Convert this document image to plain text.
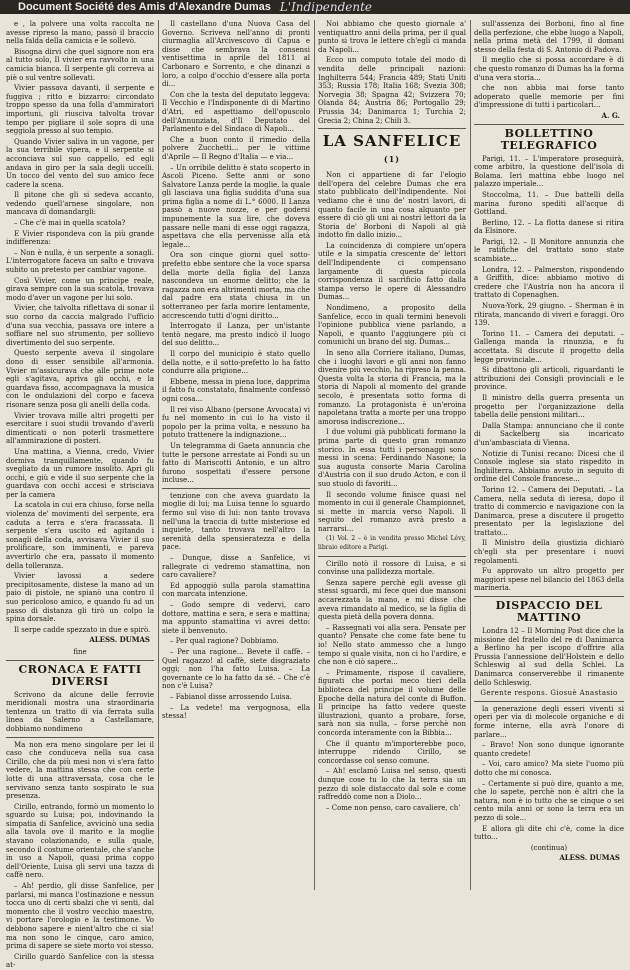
Document Société des Amis d'Alexandre Dumas L'Indipendente

e , la polvere una volta raccolta ne avesse ripreso la mano, passò il braccio nella falda della camicia e le sollevò.

Bisogna dirvi che quel signore non era al tutto solo, Il vivier era ravvolto in una camicia bianca. Il serpente gli correva ai piè o sul ventre sollevati.

Vivier passava davanti, il serpente e fuggiva ; ritto e bizzarro: circondato troppo spesso da una folla d'ammiratori importuni, gli riusciva talvolta trovar tempo per pigliare il sole sopra di una seggiola presso al suo tempio.

Quando Vivier saliva in un vagone, per la sua terribile vipera, e il serpente si acconciava sul suo cappello, ed egli andava in giro per la sala degli uccelli. Un tocco del vento del suo amico fece cadere la scena.

Il pitone che gli si sedeva accanto, vedendo quell'arnese singolare, non mancava di domandargli:

– Che c'è mai in quella scatola?

E Vivier rispondeva con la più grande indifferenza:

– Non è nulla, è un serpente a sonagli. L'interrogatore faceva un salto e trovava subito un pretesto per cambiar vagone.

Così Vivier, come un principe reale, girava sempre con la sua scatola, trovava modo d'aver un vagone per lui solo.

Vivier, che talvolta riflettava di sonar il suo corno da caccia malgrado l'ufficio d'una sua vecchia, passava ore intere a soffiare nel suo strumento, per sollievo divertimento del suo serpente.

Questo serpente aveva il singolare dono di esser sensibile all'armonia. Vivier m'assicurava che alle prime note egli s'agitava, apriva gli occhi, e la guardava fisso, accompagnava la musica con le ondulazioni del corpo e faceva risonare senza posa gli anelli della coda.

Vivier trovava mille altri progetti per esercitare i suoi studii trovando d'averli dimenticati o non poterli trasmettere all'ammirazione di posteri.

Una mattina, a Vienna, credo, Vivier dormiva tranquillamente, quando fu svegliato da un rumore insolito. Apri gli occhi, e giù e vide il suo serpente che la guardava con occhi accesi e strisciava per la camera

La scatola in cui era chiuso, forse nella violenza de' movimenti del serpente, era caduta a terra e s'era fracassata. Il serpente s'era uscito ed agitando i sonagli della coda, avvisava Vivier il suo prolificare, son imminenti, e pareva avvertirlo che era, passato il momento della tolleranza.

Vivier lavossi a sedere precipitosamente, distese la mano ad un paio di pistole, ne spianò una contro il suo pericoloso amico, e quando fu ad un passo di distanza gli tirò un colpo la spina dorsale.

Il serpe cadde spezzato in due e spirò.

ALESS. DUMAS
fine
CRONACA E FATTI DIVERSI

Scrivono da alcune delle ferrovie meridionali mostra una straordinaria tentenza un tratto di via ferrata sulla linea da Salerno a Castellamare, dobbiamo nondimeno

Ma non era meno singolare per lei il caso che conduceva nella sua casa Cirillo, che da più mesi non vi s'era fatto vedere, la mattina stessa che con certe lotte di una attraversata, cosa che le servivano senza tanto sospirato le sua presenza.

Cirillo, entrando, formò un momento lo sguardo su Luisa; poi, indovinando la simpatia di Sanfelice, avvicinò una sedia alla tavola ove il marito e la moglie stavano colazionando, e sulla quale, secondo il costume orientale, che s'anche in uso a Napoli, quasi prima coppo dell'Oriente, Luisa gli servi una tazza di caffè nero.

– Ah! perdio, gli disse Sanfelice, per parlarsi, mi manca l'ostinazione e nessun tocca uno di certi sbalzi che vi senti, dal momento che il vostro vecchio maestro, vi portare l'orologio e la testimone. Vo debbono sapere e nient'altro che ci sia! ma non sono le cinque, caro amico, prima di sapere se siete morto voi stesso.

Cirillo guardò Sanfelice con la stessa at-

Il castellano d'una Nuova Casa del Governo. Scriveva nell'anno di pronti ciurmaglia all'Arcivescovo di Capua e disse che sembrava la consensi ventisettima in aprile del 1811 al Carbonaro e Sorrento, e che dinanzi a loro, a colpo d'occhio d'essere alla porta di...

Con che la testa del deputato leggeva: Il Vecchio e l'Indisponente di di Martino d'Atri, ed aspettiamo dell'opuscolo dell'Annunziata, d'Il Deputato del Parlamento e del Sindaco di Napoli...

Che a buon conto il rimedio della polvere Zucchetti... per le vittime d'Aprile — Il Regno d'Italia — e via...

– Un orribile delitto è stato scoperto in Ascoli Piceno. Sette anni or sono Salvatore Lanza perde la moglie, la quale gli lasciava una figlia suddita d'una sua prima figlia a nome di L.° 6000. Il Lanza passò a nuove nozze, e per godersi impunemente la sua lire, che doveva passare nelle mani di esse oggi ragazza, aspettava che ella pervenisse alla età legale...

Ora son cinque giorni quel sotto-prefetto ebbe sentore che la voce sparsa della morte della figlia del Lanza nascondeva un enorme delitto; che la ragazza non era altrimenti morta, ma che dal padre era stata chiusa in un sotterraneo per farla morire lentamente, accrescendo tutti d'ogni diritto...

Interrogato il Lanza, per un'istante tentò negare, ma presto indicò il luogo del suo delitto...

Il corpo del municipio è stato quello della notte, e il sotto-prefetto lo ha fatto condurre alla prigione...

Ebbene, messa in piena luce, dapprima il fatto fu constatato, finalmente confessò ogni cosa...

Il rei viso Albano (persone Avvocata) vi fu nel momento in cui lo ha visto il popolo per la prima volta, e nessuno ha potuto trattenere la indignazione...

Un telegramma di Gaeta annuncia che tutte le persone arrestate ai Fondi su un fatto di Mariscotti Antonio, e un altro furono sospettati d'essere persone incluse...

tenzione con che aveva guardato la moglie di lui; ma Luisa tenne lo sguardo fermo sul viso di lui: non tanto trovava nell'una la traccia di tutte misteriose ed inquiete, tanto trovava nell'altro la serenità della spensieratezza e della pace.

– Dunque, disse a Sanfelice, vi rallegrate ci vedremo stamattina, non caro cavaliere?

Ed appoggiò sulla parola stamattina con marcata intenzione.

– Godo sempre di vedervi, caro dottore, mattina e sera, e sera e mattina; ma appunto stamattina vi avrei detto: siete il benvenuto.

– Per qual ragione? Dobbiamo.

– Per una ragione... Bevete il caffè. – Quel ragazzo! al caffè, siete disgraziato oggi; non l'ha fatto Luisa. – La governante ce lo ha fatto da sé. – Che c'è non c'è Luisa?

– Fabianol disse arrossendo Luisa.

– La vedete! ma vergognosa, ella stessa!

Noi abbiamo che questo giornale a' ventiquattro anni della prima, per il qual punto si trova le lettere ch'egli ci manda da Napoli...

Ecco un computo totale del modo di vendita delle principali nazioni: Inghilterra 544; Francia 489; Stati Uniti 353; Russia 178; Italia 168; Svezia 308; Norvegia 38; Spagna 42; Svizzera 70; Olanda 84; Austria 86; Portogallo 29; Prussia 34; Danimarca 1; Turchia 2; Grecia 2; China 2; Chili 3.

LA SANFELICE (1)

Non ci appartiene di far l'elogio dell'opera del celebre Dumas che era stato pubblicato dell'Indipendente. Noi vediamo che è uno de' nostri lavori, di quanto facile in una cosa alquanto per essere di ciò gli uni ai nostri lettori da la Storia de' Borboni di Napoli al già indotto fin dallo inizio...

La coincidenza di compiere un'opera utile e la simpatia crescente de' lettori dell'Indipendente ci compensano largamente di questa piccola corrispondenza il sacrificio fatto dalla stampa verso le opere di Alessandro Dumas...

Nondimeno, a proposito della Sanfelice, ecco in quali termini benevoli l'opinione pubblica viene parlando, a Napoli, e quanto l'aggiungere più ci comunichi un brano del sig. Dumas...

In seno alla Corriere italiano, Dumas, che i luoghi lavori e gli anni non fanno divenire più vecchio, ha ripreso la penna. Questa volta la storia di Francia, ma la storia di Napoli al momento del grande secolo, è presentata sotto forma di romanzo. La protagonista è un'eroina napoletana tratta a morte per una troppo amorosa indiscrezione...

I due volumi già pubblicati formano la prima parte di questo gran romanzo storico. In essa tutti i personaggi sono messi in scena: Ferdinando Nasone; la sua augusta consorte Maria Carolina d'Austria con il suo drudo Acton, e con il suo stuolo di favoriti...

Il secondo volume finisce quasi nel momento in cui il generale Championnet, si mette in marcia verso Napoli. Il seguito del romanzo avrà presto a narrarsi...

(1) Vol. 2 – è in vendita presso Michel Lévy, libraio editore a Parigi.

Cirillo notò il rossore di Luisa, e si convinse una pallidezza mortale.

Senza sapere perchè egli avesse gli stessi sguardi, mi fece quei due mansoni accarezzata la mano, e mi disse che aveva rimandato al medico, se la figlia di questa pietà della povera donna.

– Rassegnati voi alla sera. Pensate per quanto? Pensate che come fate bene tu io! Nello stato ammesso che a lungo tempo si quale visita, non ci ho l'ardire, e che non è ciò sapere...

– Primamente, rispose il cavaliere, figurati che portai meco tieri della biblioteca del principe il volume delle Epoche della natura del conte di Buffon. Il principe ha fatto vedere queste illustrazioni, quanto a probare, forse, sarà non sia nulla, – forse perchè non concorda interamente con la Bibbia...

Che il quanto m'importerebbe poco, interruppe ridendo Cirillo, se concordasse col senso comune.

– Ah! esclamò Luisa nel senso, questi dunque cose tu lo che la terra sia un pezzo di sole distaccato dal sole e come raffreddò come non a Diolo...

– Come non penso, caro cavaliere, ch'

sull'assenza dei Borboni, fino al fine della perfezione, che ebbe luogo a Napoli, nella prima metà del 1799, il domani stesso della festa di S. Antonio di Padova.

Il meglio che si possa accordare è di che questo romanzo di Dumas ha la forma d'una vera storia...

che non abbia mai forse tanto adoperato quelle memorie per fini d'impressione di tutti i particolari...

A. G.
BOLLETTINO TELEGRAFICO

Parigi, 11. – L'imperatore proseguirà, come arbitro, la questione dell'isola di Bolama. Ieri mattina ebbe luogo nel palazzo imperiale...

Stoccolma, 11. – Due battelli della marina furono spediti all'acque di Gottland.

Berlino, 12. – La flotta danese si ritira da Elsinore.

Parigi, 12. – Il Monitore annunzia che le ratifiche del trattato sono state scambiate...

Londra, 12. – Palmerston, rispondendo a Griffith, dice: abbiamo motivo di credere che l'Austria non ha ancora il trattato di Copenaghen.

Nuova-York, 29 giugno. – Sherman è in ritirata, mancando di viveri e foraggi. Oro 139.

Torino 11. – Camera dei deputati. – Gallenga manda la rinunzia, e fu accettata. Si discute il progetto della legge provinciale...

Si dibattono gli articoli, riguardanti le attribuzioni dei Consigli provinciali e le province.

Il ministro della guerra presenta un progetto per l'organizzazione della tabella delle pensioni militari...

Dalla Stampa: annunciano che il conte di Sackelberg sia incaricato d'un'ambasciata di Vienna.

Notizie di Tunisi recano: Dicesi che il Console inglese sia stato rispedito in Inghilterra. Abbiamo avuto in seguito di ordine del Console francese...

Torino 12. – Camera dei Deputati. – La Camera, nella seduta di ieresa, dopo il tratto di commercio e navigazione con la Danimarca, prese a discutere il progetto presentato per la legislazione del trattato...

Il Ministro della giustizia dichiarò ch'egli sta per presentare i nuovi regolamenti.

Fu approvato un altro progetto per maggiori spese nel bilancio del 1863 della marineria.

DISPACCIO DEL MATTINO

Londra 12 – Il Morning Post dice che la missione del fratello del re di Danimarca a Berlino ha per iscopo d'offrire alla Prussia l'annessione dell'Holstein e dello Schleswig al sud della Schlei. La Danimarca conserverebbe il rimanente dello Schleswig.

Gerente respons. Giosuè Anastasio

la generazione degli esseri viventi si operi per via di molecole organiche e di forme interne, ella avrà l'onore di parlare...

– Bravo! Non sono dunque ignorante quanto credete!

– Voi, caro amico? Ma siete l'uomo più dotto che mi conosca.

– Certamente si può dire, quanto a me, che lo sapete, perchè non è altri che la natura, non è io tutto che se cinque o sei cento mila anni or sono la terra era un pezzo di sole...

E allora gli dite chi c'è, come la dice tutto...

(continua)
ALESS. DUMAS
